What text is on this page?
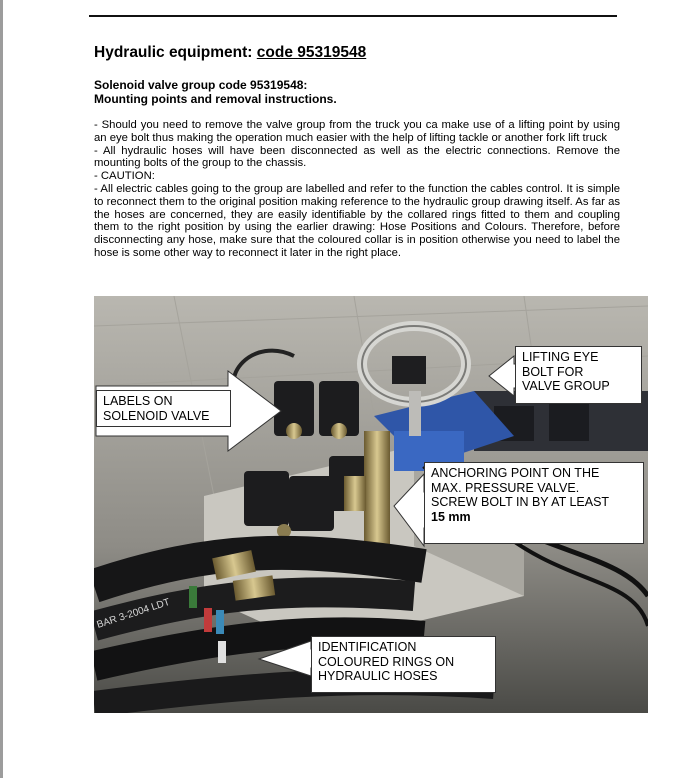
Hydraulic equipment: code 95319548
Solenoid valve group code 95319548:
Mounting points and removal instructions.

- Should you need to remove the valve group from the truck you ca make use of a lifting point by using an eye bolt thus making the operation much easier with the help of lifting tackle or another fork lift truck

- All hydraulic hoses will have been disconnected as well as the electric connections. Remove the mounting bolts of the group to the chassis.

- CAUTION:

- All electric cables going to the group are labelled and refer to the function the cables control. It is simple to reconnect them to the original position making reference to the hydraulic group drawing itself. As far as the hoses are concerned, they are easily identifiable by the collared rings fitted to them and coupling them to the right position by using the earlier drawing: Hose Positions and Colours. Therefore, before disconnecting any hose, make sure that the coloured collar is in position otherwise you need to label the hose is some other way to reconnect it later in the right place.

BAR 3-2004 LDT
LABELS ON
SOLENOID VALVE
LIFTING EYE
BOLT FOR
VALVE GROUP
ANCHORING POINT ON THE
MAX. PRESSURE VALVE.
SCREW BOLT IN BY AT LEAST
15 mm
IDENTIFICATION
COLOURED RINGS ON
HYDRAULIC HOSES
